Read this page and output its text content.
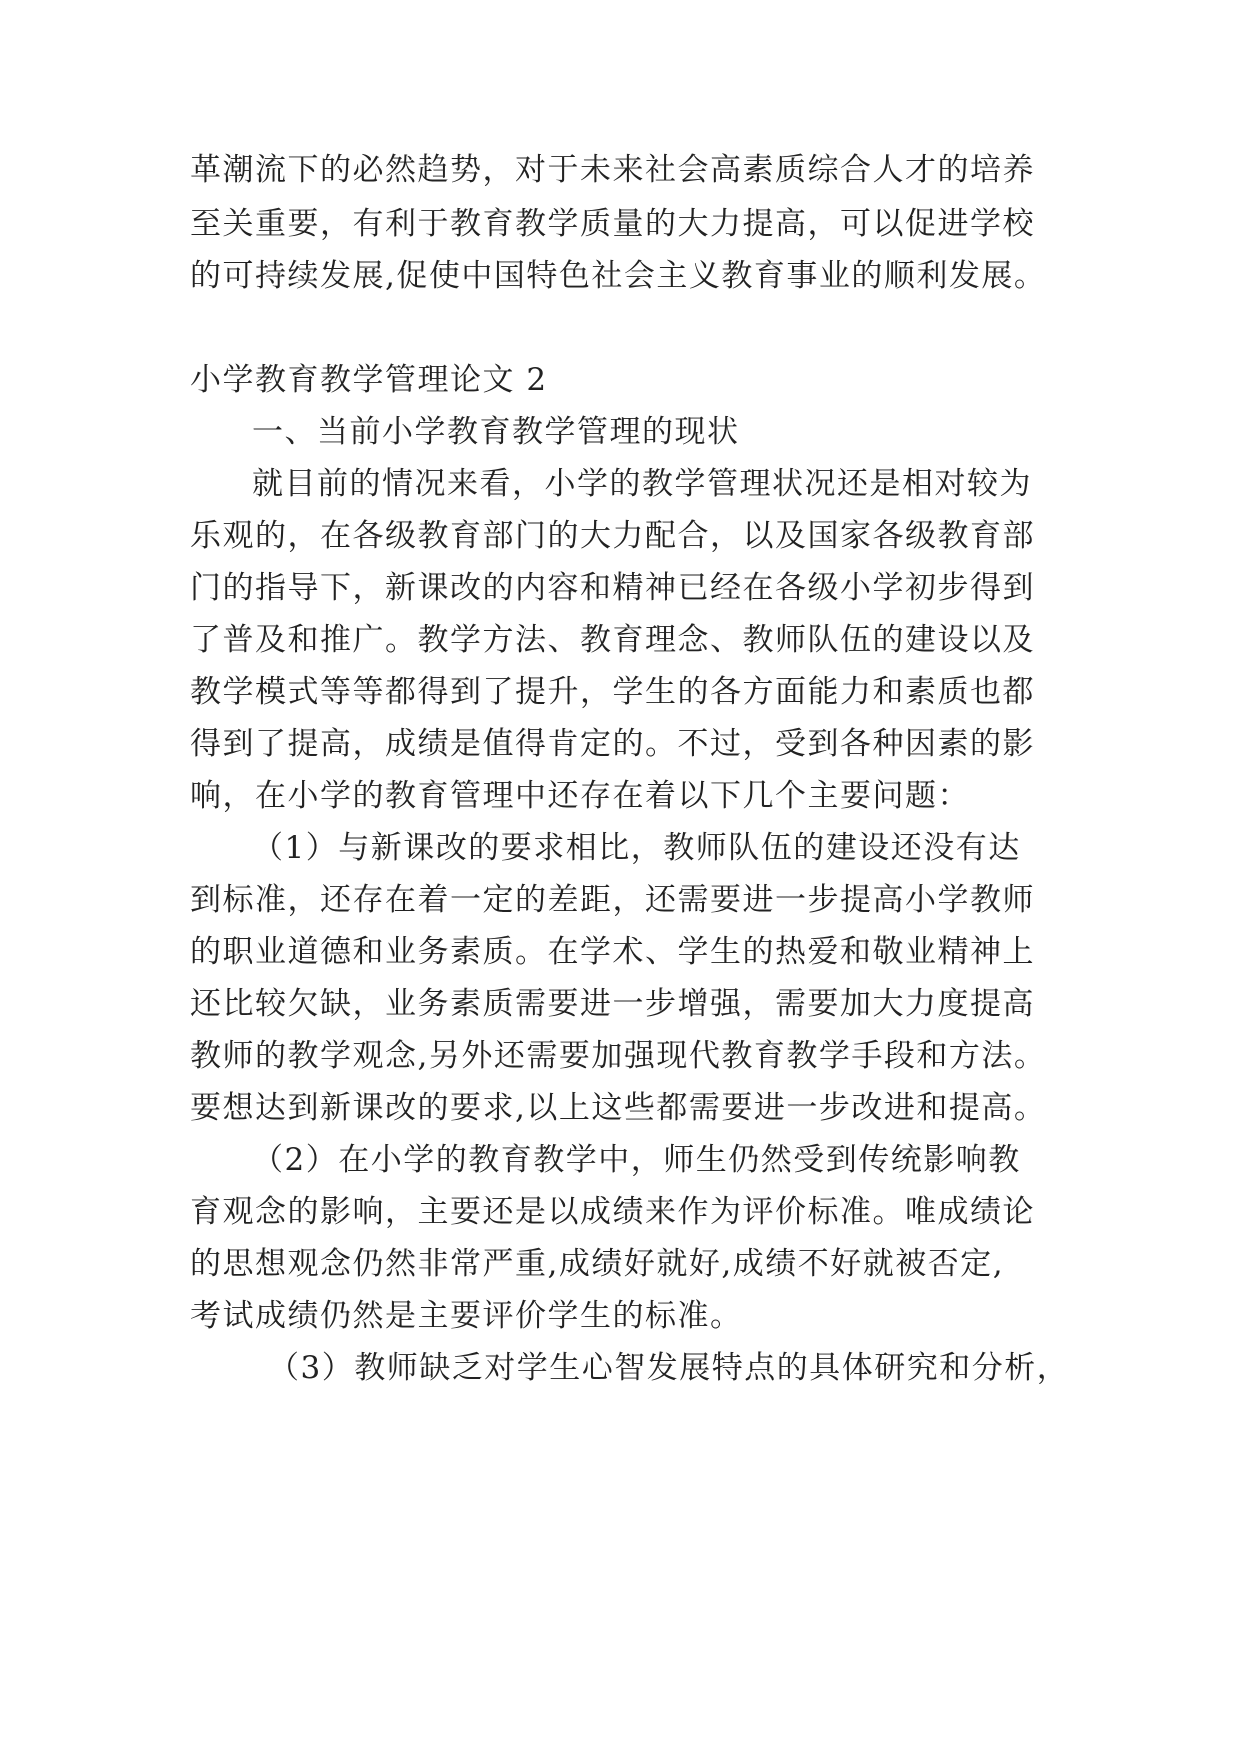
革潮流下的必然趋势，对于未来社会高素质综合人才的培养
至关重要，有利于教育教学质量的大力提高，可以促进学校
的可持续发展,促使中国特色社会主义教育事业的顺利发展。
小学教育教学管理论文 2
一、当前小学教育教学管理的现状
就目前的情况来看，小学的教学管理状况还是相对较为
乐观的，在各级教育部门的大力配合，以及国家各级教育部
门的指导下，新课改的内容和精神已经在各级小学初步得到
了普及和推广。教学方法、教育理念、教师队伍的建设以及
教学模式等等都得到了提升，学生的各方面能力和素质也都
得到了提高，成绩是值得肯定的。不过，受到各种因素的影
响，在小学的教育管理中还存在着以下几个主要问题：
（1）与新课改的要求相比，教师队伍的建设还没有达
到标准，还存在着一定的差距，还需要进一步提高小学教师
的职业道德和业务素质。在学术、学生的热爱和敬业精神上
还比较欠缺，业务素质需要进一步增强，需要加大力度提高
教师的教学观念,另外还需要加强现代教育教学手段和方法。
要想达到新课改的要求,以上这些都需要进一步改进和提高。
（2）在小学的教育教学中，师生仍然受到传统影响教
育观念的影响，主要还是以成绩来作为评价标准。唯成绩论
的思想观念仍然非常严重,成绩好就好,成绩不好就被否定,
考试成绩仍然是主要评价学生的标准。
（3）教师缺乏对学生心智发展特点的具体研究和分析，
